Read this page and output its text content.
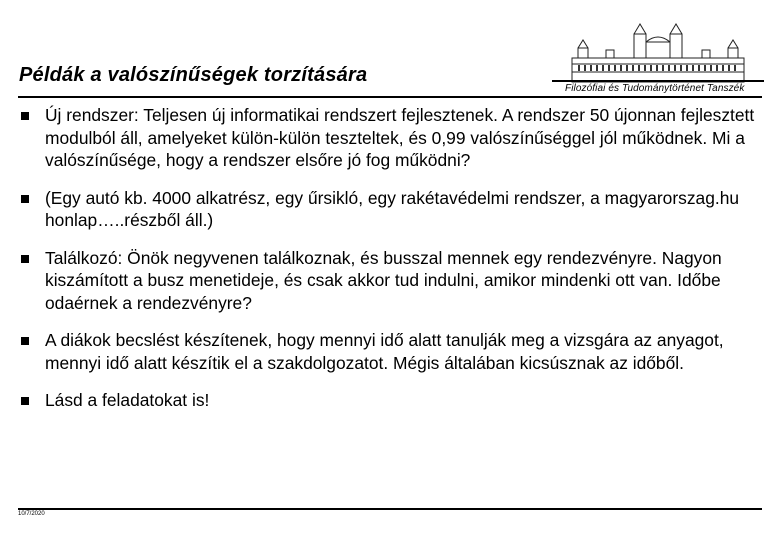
Példák a valószínűségek torzítására
Filozófiai és Tudománytörténet Tanszék
Új rendszer: Teljesen új informatikai rendszert fejlesztenek. A rendszer 50 újonnan fejlesztett modulból áll, amelyeket külön-külön teszteltek, és 0,99 valószínűséggel jól működnek. Mi a valószínűsége, hogy a rendszer elsőre jó fog működni?
(Egy autó kb. 4000 alkatrész, egy űrsikló, egy rakétavédelmi rendszer, a magyarorszag.hu honlap…..részből áll.)
Találkozó: Önök negyvenen találkoznak, és busszal mennek egy rendezvényre. Nagyon kiszámított a busz menetideje, és csak akkor tud indulni, amikor mindenki ott van. Időbe odaérnek a rendezvényre?
A diákok becslést készítenek, hogy mennyi idő alatt tanulják meg a vizsgára az anyagot, mennyi idő alatt készítik el a szakdolgozatot. Mégis általában kicsúsznak az időből.
Lásd a feladatokat is!
10/7/2020
